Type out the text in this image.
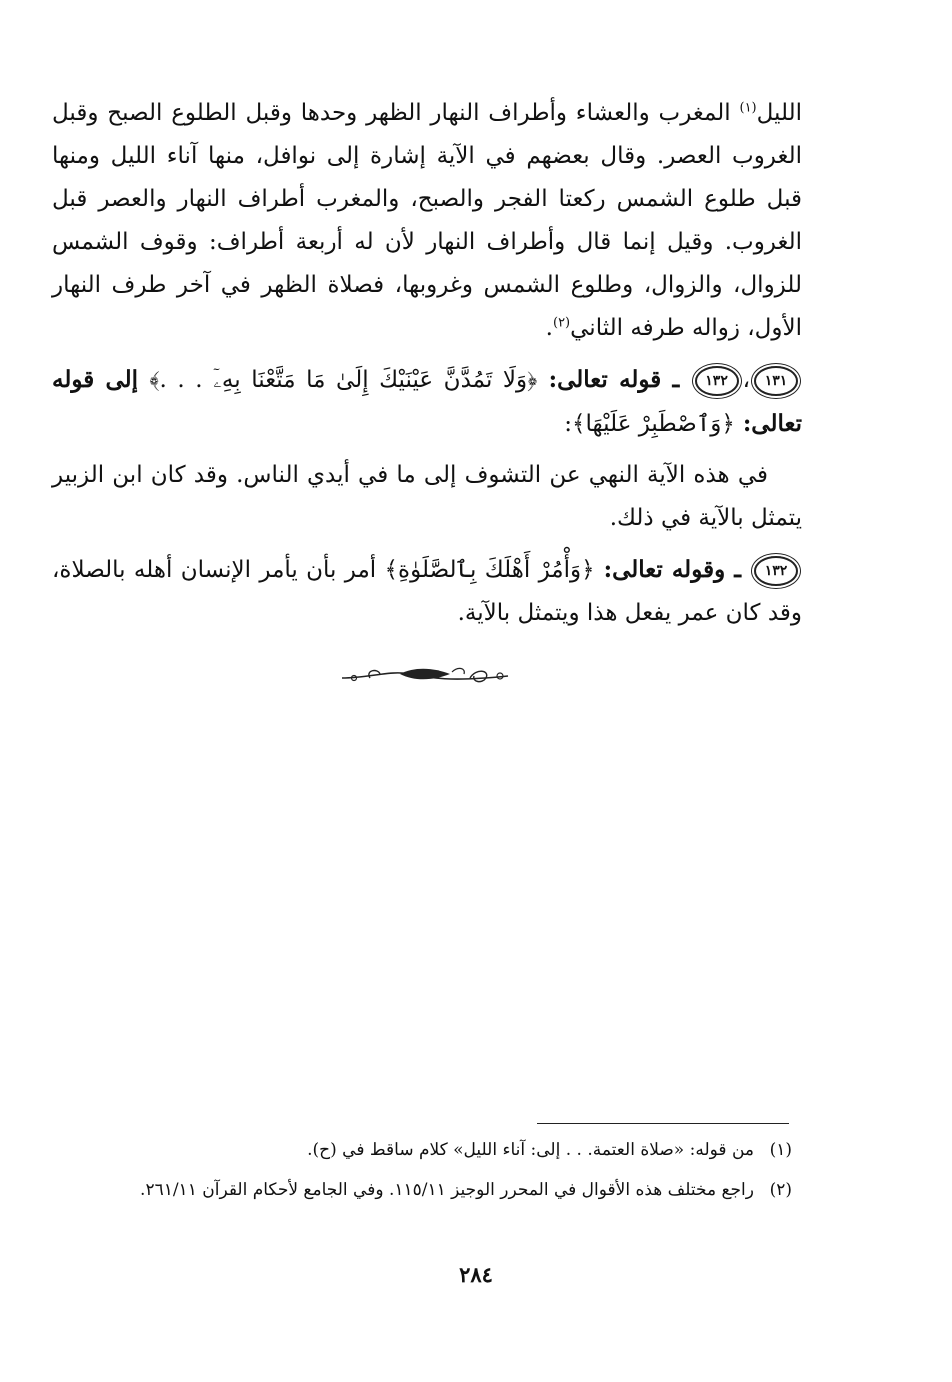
الليل$^{(١)}$ المغرب والعشاء وأطراف النهار الظهر وحدها وقبل الطلوع الصبح وقبل الغروب العصر. وقال بعضهم في الآية إشارة إلى نوافل، منها آناء الليل ومنها قبل طلوع الشمس ركعتا الفجر والصبح، والمغرب أطراف النهار والعصر قبل الغروب. وقيل إنما قال وأطراف النهار لأن له أربعة أطراف: وقوف الشمس للزوال، والزوال، وطلوع الشمس وغروبها، فصلاة الظهر في آخر طرف النهار الأول، زواله طرفه الثاني$^{(٢)}$.

١٣١،١٣٢ ـ قوله تعالى: ﴿وَلَا تَمُدَّنَّ عَيْنَيْكَ إِلَىٰ مَا مَتَّعْنَا بِهِۦٓ . . .﴾ إلى قوله تعالى: ﴿وَٱصْطَبِرْ عَلَيْهَا﴾:

في هذه الآية النهي عن التشوف إلى ما في أيدي الناس. وقد كان ابن الزبير يتمثل بالآية في ذلك.

١٣٢ ـ وقوله تعالى: ﴿وَأْمُرْ أَهْلَكَ بِٱلصَّلَوٰةِ﴾ أمر بأن يأمر الإنسان أهله بالصلاة، وقد كان عمر يفعل هذا ويتمثل بالآية.

(١)من قوله: «صلاة العتمة. . . إلى: آناء الليل» كلام ساقط في (ح).

(٢)راجع مختلف هذه الأقوال في المحرر الوجيز ١١٥/١١. وفي الجامع لأحكام القرآن ٢٦١/١١.

٢٨٤
